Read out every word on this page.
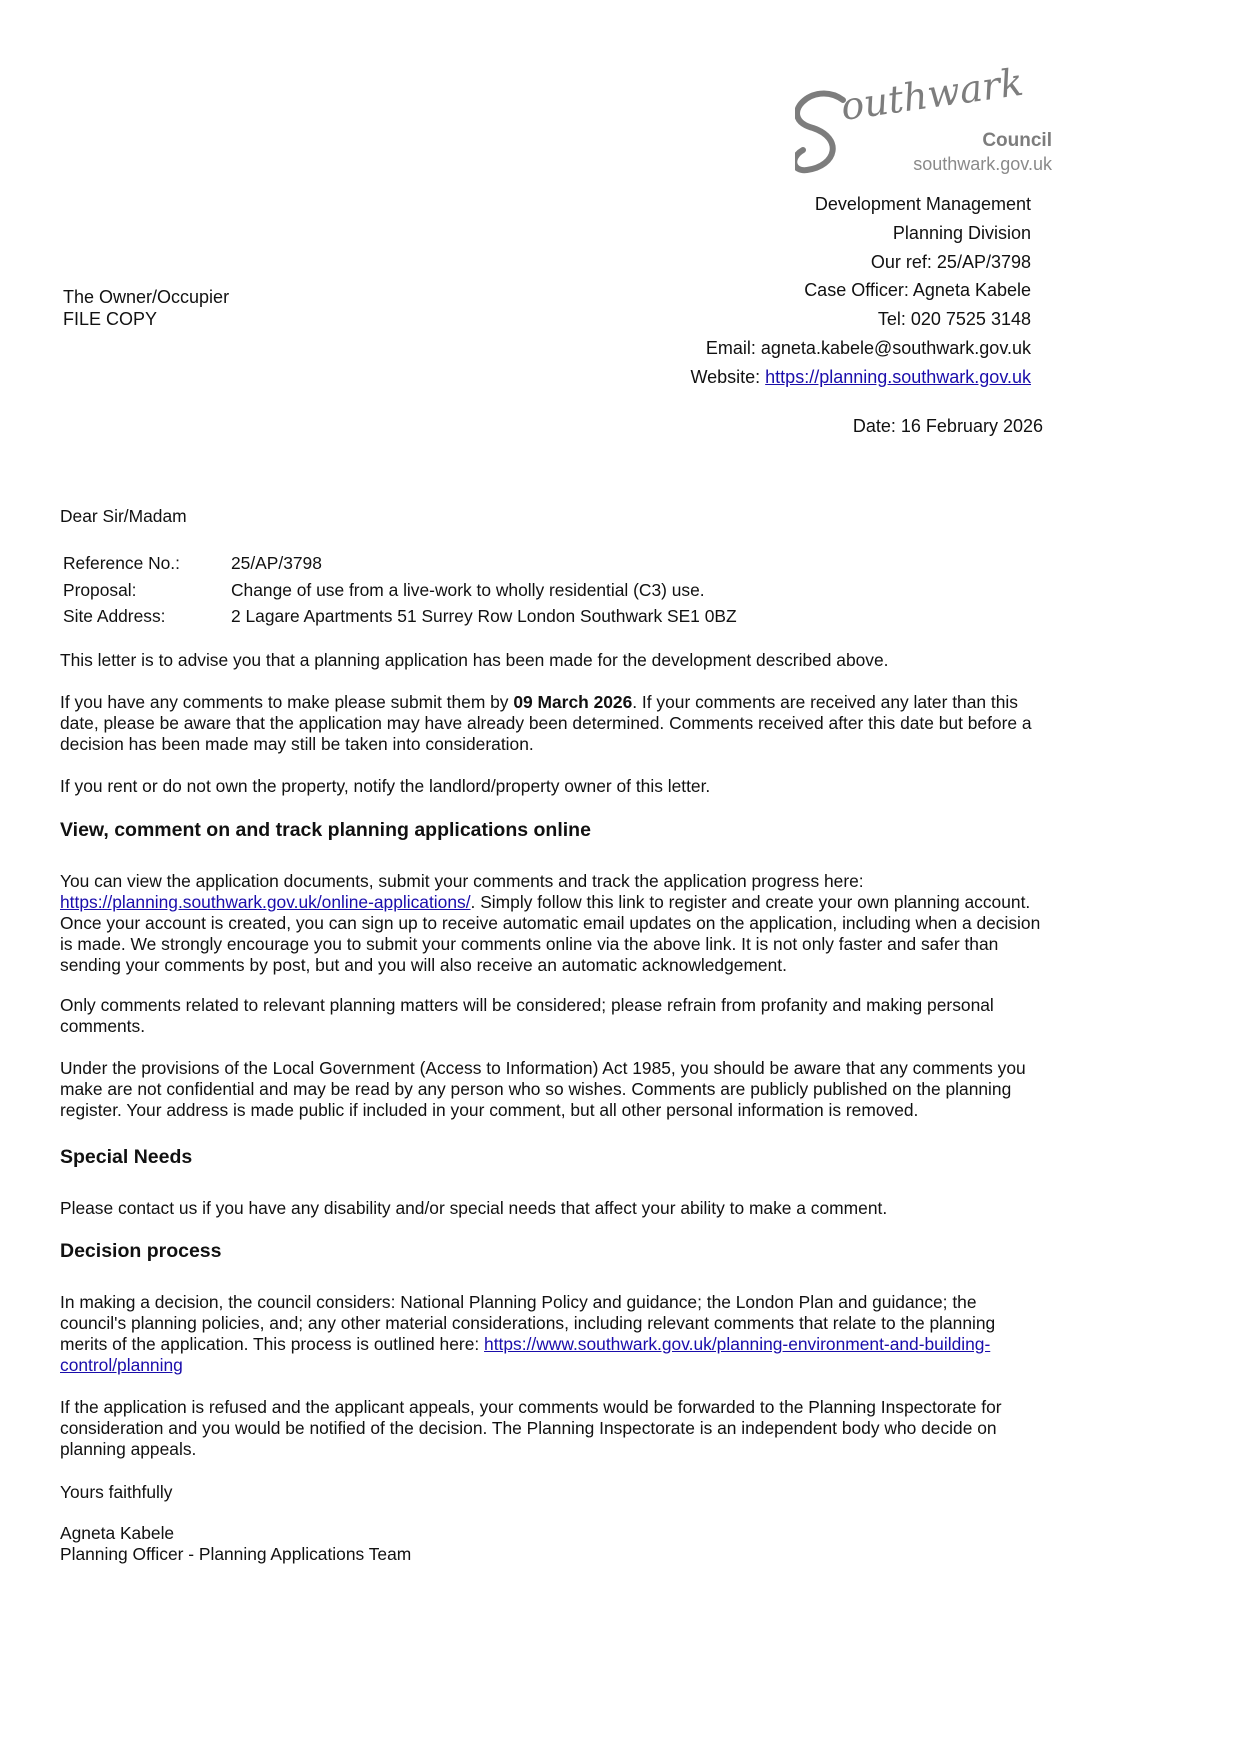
outhwark
Council
southwark.gov.uk
Development Management
Planning Division
Our ref: 25/AP/3798
Case Officer: Agneta Kabele
Tel: 020 7525 3148
Email: agneta.kabele@southwark.gov.uk
Website: https://planning.southwark.gov.uk
Date: 16 February 2026
The Owner/Occupier
FILE COPY
Dear Sir/Madam
Reference No.:	25/AP/3798
Proposal:	Change of use from a live-work to wholly residential (C3) use.
Site Address:	2 Lagare Apartments 51 Surrey Row London Southwark SE1 0BZ

This letter is to advise you that a planning application has been made for the development described above.

If you have any comments to make please submit them by 09 March 2026. If your comments are received any later than this date, please be aware that the application may have already been determined. Comments received after this date but before a decision has been made may still be taken into consideration.

If you rent or do not own the property, notify the landlord/property owner of this letter.

View, comment on and track planning applications online

You can view the application documents, submit your comments and track the application progress here: https://planning.southwark.gov.uk/online-applications/. Simply follow this link to register and create your own planning account. Once your account is created, you can sign up to receive automatic email updates on the application, including when a decision is made. We strongly encourage you to submit your comments online via the above link. It is not only faster and safer than sending your comments by post, but and you will also receive an automatic acknowledgement.

Only comments related to relevant planning matters will be considered; please refrain from profanity and making personal comments.

Under the provisions of the Local Government (Access to Information) Act 1985, you should be aware that any comments you make are not confidential and may be read by any person who so wishes. Comments are publicly published on the planning register. Your address is made public if included in your comment, but all other personal information is removed.

Special Needs

Please contact us if you have any disability and/or special needs that affect your ability to make a comment.

Decision process

In making a decision, the council considers: National Planning Policy and guidance; the London Plan and guidance; the council's planning policies, and; any other material considerations, including relevant comments that relate to the planning merits of the application. This process is outlined here: https://www.southwark.gov.uk/planning-environment-and-building-control/planning

If the application is refused and the applicant appeals, your comments would be forwarded to the Planning Inspectorate for consideration and you would be notified of the decision. The Planning Inspectorate is an independent body who decide on planning appeals.

Yours faithfully

Agneta Kabele
Planning Officer - Planning Applications Team
